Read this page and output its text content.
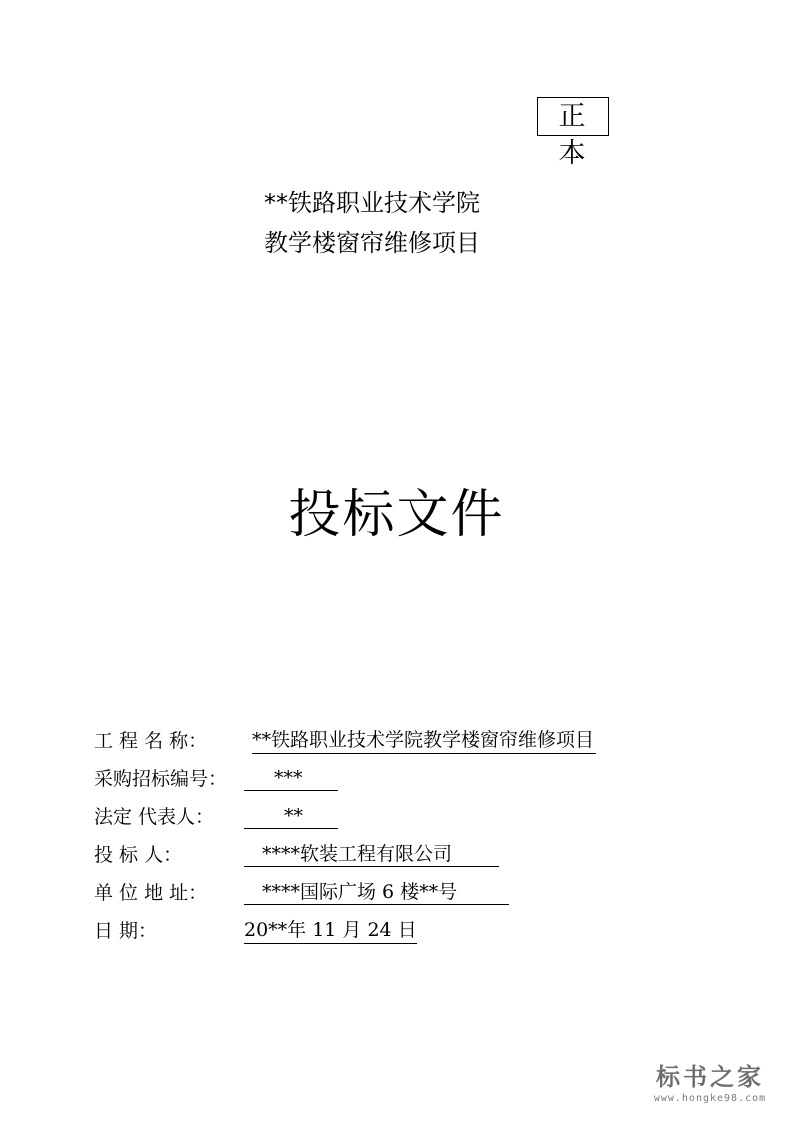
正 本
**铁路职业技术学院
教学楼窗帘维修项目
投标文件
工 程 名 称： **铁路职业技术学院教学楼窗帘维修项目
采购招标编号：	***
法定 代表人：	**
投 标 人：	****软装工程有限公司
单 位 地 址：	****国际广场 6 楼**号
日 期：	20**年 11 月 24 日
标书之家
www.hongke98.com
